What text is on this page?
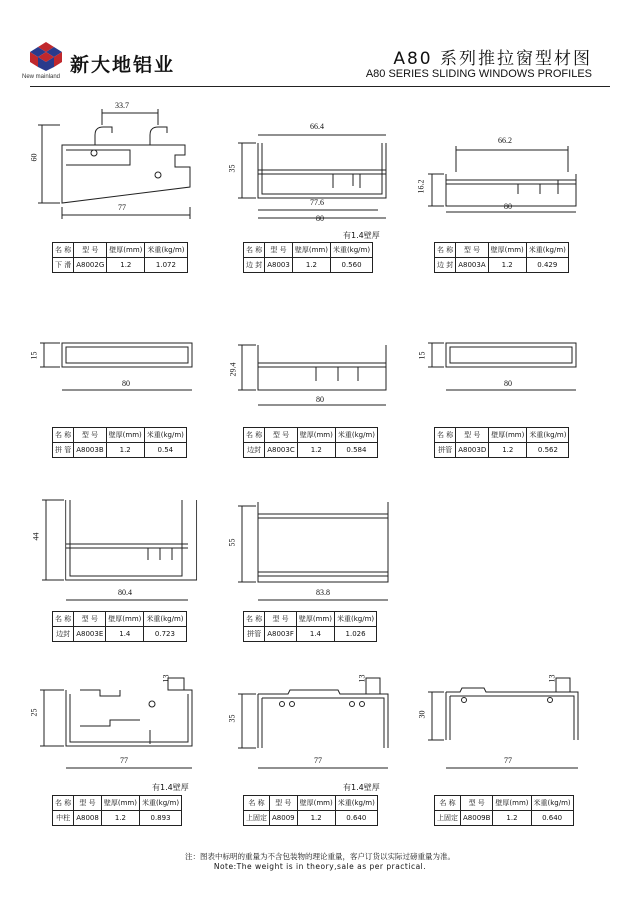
新大地铝业
New mainland
A80 系列推拉窗型材图
A80 SERIES SLIDING WINDOWS PROFILES
33.7
60
77
名 称	型 号	壁厚(mm)	米重(kg/m)
下 滑	A8002G	1.2	1.072
66.4
35
77.6
80
有1.4壁厚
名 称	型 号	壁厚(mm)	米重(kg/m)
边 封	A8003	1.2	0.560
66.2
16.2
80
名 称	型 号	壁厚(mm)	米重(kg/m)
边 封	A8003A	1.2	0.429
15
80
名 称	型 号	壁厚(mm)	米重(kg/m)
拼 管	A8003B	1.2	0.54
29.4
80
名 称	型 号	壁厚(mm)	米重(kg/m)
边封	A8003C	1.2	0.584
15
80
名 称	型 号	壁厚(mm)	米重(kg/m)
拼管	A8003D	1.2	0.562
44
80.4
名 称	型 号	壁厚(mm)	米重(kg/m)
边封	A8003E	1.4	0.723
55
83.8
名 称	型 号	壁厚(mm)	米重(kg/m)
拼管	A8003F	1.4	1.026
13
25
77
有1.4壁厚
名 称	型 号	壁厚(mm)	米重(kg/m)
中柱	A8008	1.2	0.893
13
35
77
有1.4壁厚
名 称	型 号	壁厚(mm)	米重(kg/m)
上固定	A8009	1.2	0.640
13
30
77
名 称	型 号	壁厚(mm)	米重(kg/m)
上固定	A8009B	1.2	0.640
注：图表中标明的重量为不含包装物的理论重量，客户订货以实际过磅重量为准。
Note:The weight is in theory,sale as per practical.
